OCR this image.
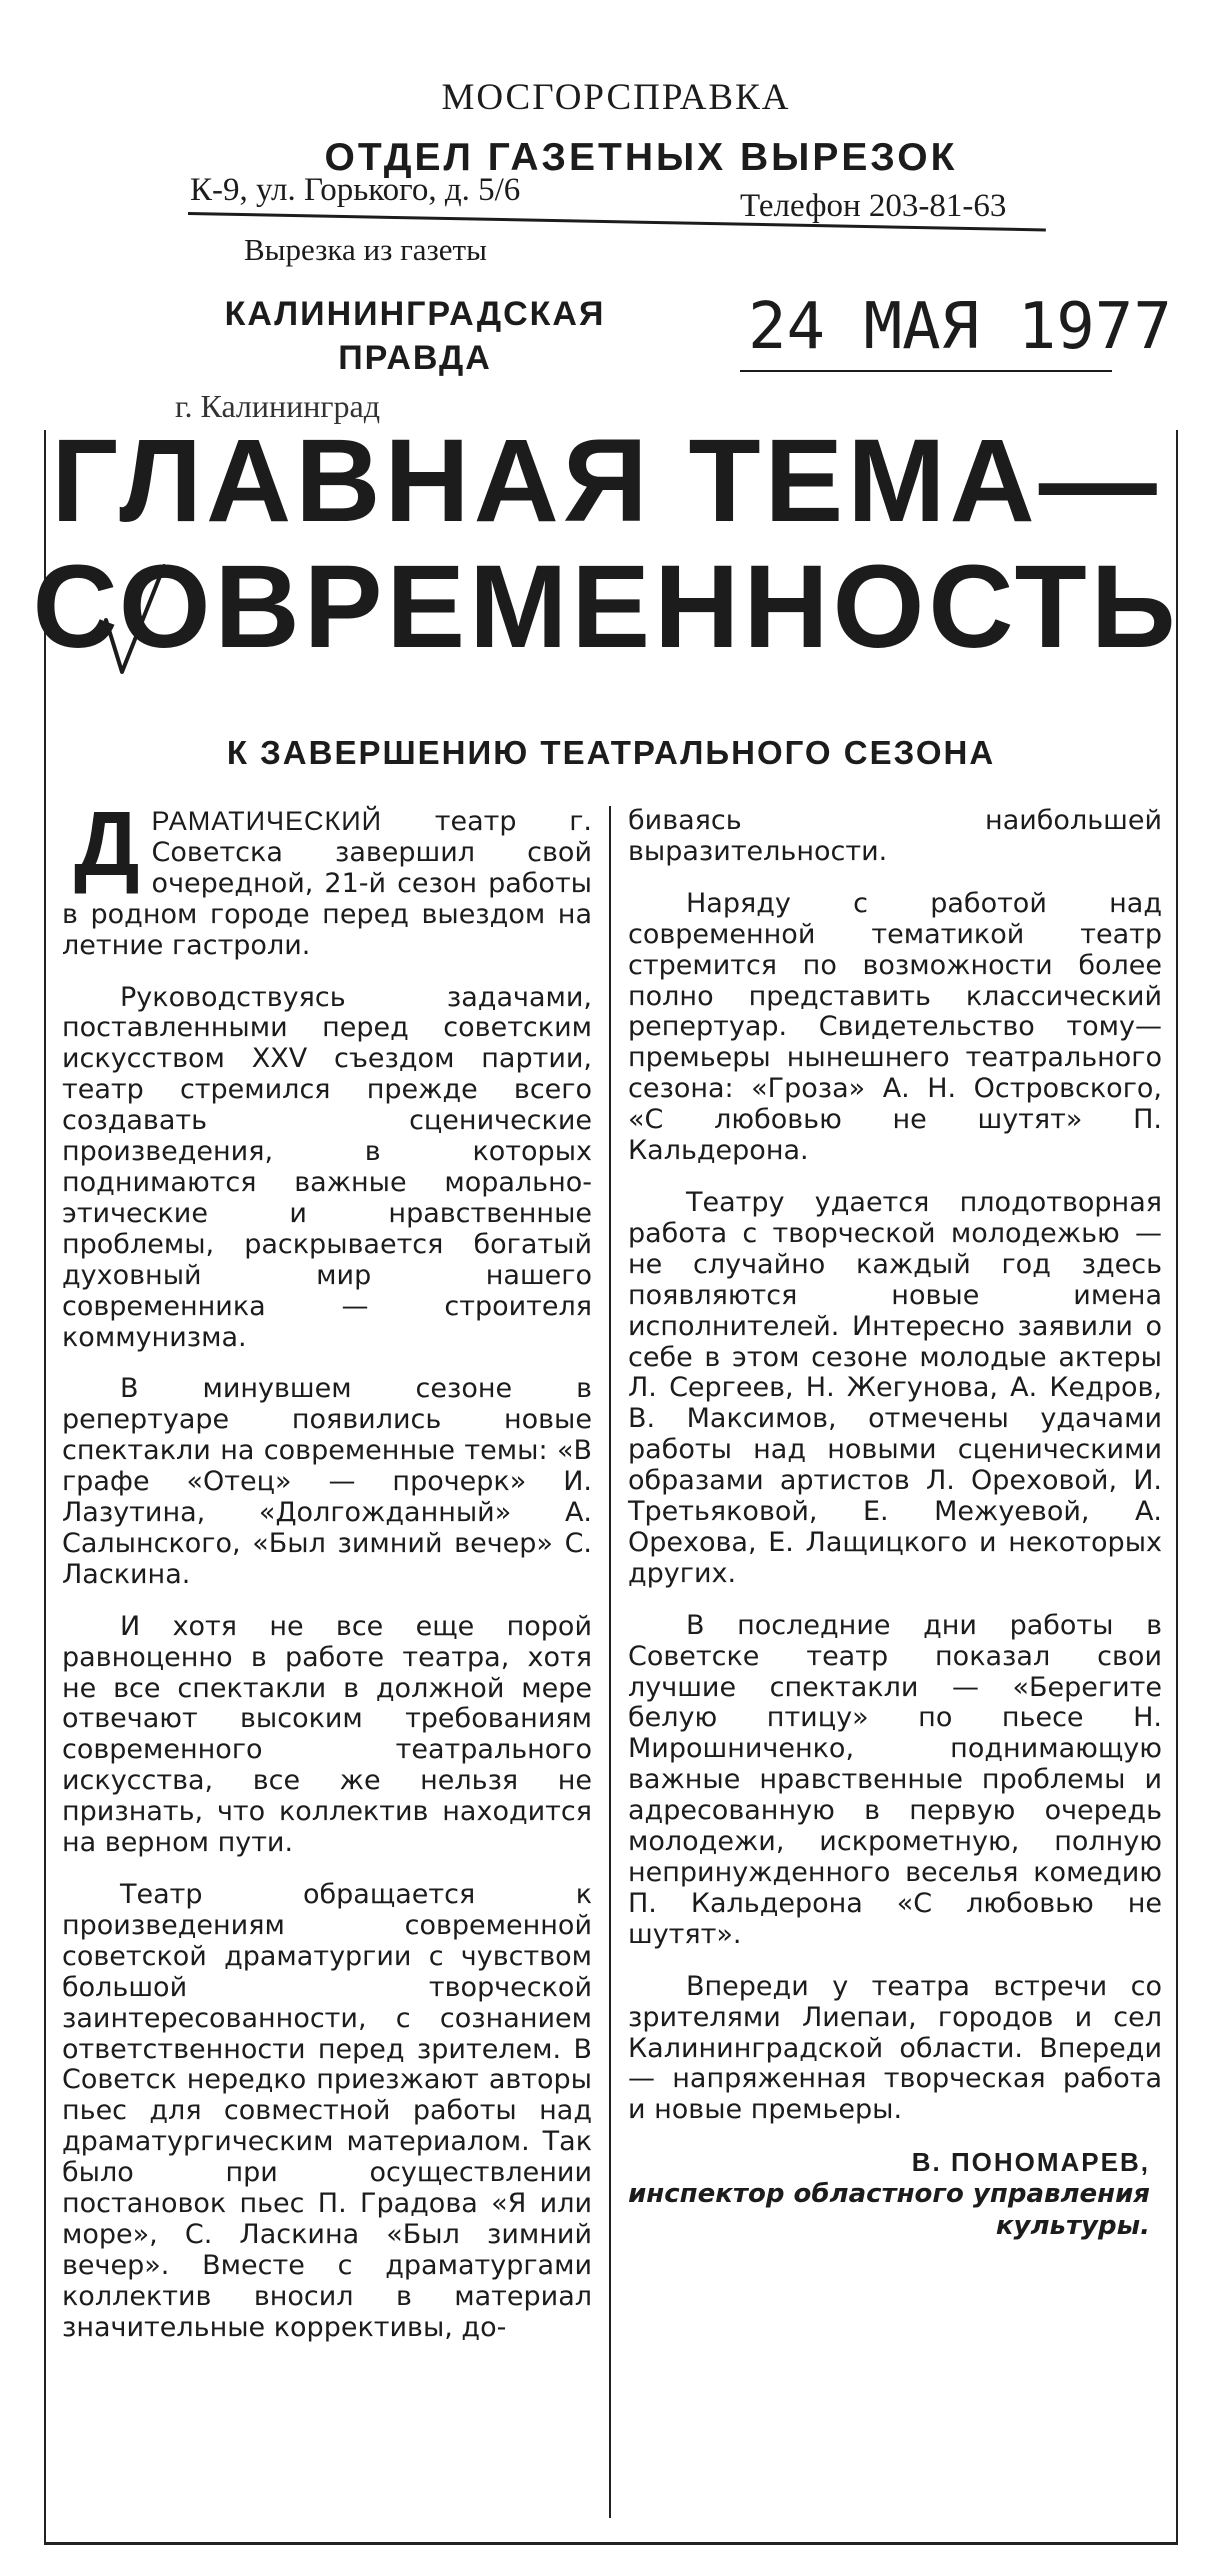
МОСГОРСПРАВКА
ОТДЕЛ ГАЗЕТНЫХ ВЫРЕЗОК
К-9, ул. Горького, д. 5/6	Телефон 203-81-63
Вырезка из газеты
КАЛИНИНГРАДСКАЯ ПРАВДА	24 МАЯ 1977
г. Калининград
ГЛАВНАЯ ТЕМА—
СОВРЕМЕННОСТЬ
К ЗАВЕРШЕНИЮ ТЕАТРАЛЬНОГО СЕЗОНА

ДРАМАТИЧЕСКИЙ театр г. Советска завершил свой очередной, 21-й сезон работы в родном городе перед выездом на летние гастроли.

Руководствуясь задачами, поставленными перед советским искусством XXV съездом партии, театр стремился прежде всего создавать сценические произведения, в которых поднимаются важные морально-этические и нравственные проблемы, раскрывается богатый духовный мир нашего современника — строителя коммунизма.

В минувшем сезоне в репертуаре появились новые спектакли на современные темы: «В графе «Отец» — прочерк» И. Лазутина, «Долгожданный» А. Салынского, «Был зимний вечер» С. Ласкина.

И хотя не все еще порой равноценно в работе театра, хотя не все спектакли в должной мере отвечают высоким требованиям современного театрального искусства, все же нельзя не признать, что коллектив находится на верном пути.

Театр обращается к произведениям современной советской драматургии с чувством большой творческой заинтересованности, с сознанием ответственности перед зрителем. В Советск нередко приезжают авторы пьес для совместной работы над драматургическим материалом. Так было при осуществлении постановок пьес П. Градова «Я или море», С. Ласкина «Был зимний вечер». Вместе с драматургами коллектив вносил в материал значительные коррективы, до-

биваясь наибольшей выразительности.

Наряду с работой над современной тематикой театр стремится по возможности более полно представить классический репертуар. Свидетельство тому—премьеры нынешнего театрального сезона: «Гроза» А. Н. Островского, «С любовью не шутят» П. Кальдерона.

Театру удается плодотворная работа с творческой молодежью — не случайно каждый год здесь появляются новые имена исполнителей. Интересно заявили о себе в этом сезоне молодые актеры Л. Сергеев, Н. Жегунова, А. Кедров, В. Максимов, отмечены удачами работы над новыми сценическими образами артистов Л. Ореховой, И. Третьяковой, Е. Межуевой, А. Орехова, Е. Лащицкого и некоторых других.

В последние дни работы в Советске театр показал свои лучшие спектакли — «Берегите белую птицу» по пьесе Н. Мирошниченко, поднимающую важные нравственные проблемы и адресованную в первую очередь молодежи, искрометную, полную непринужденного веселья комедию П. Кальдерона «С любовью не шутят».

Впереди у театра встречи со зрителями Лиепаи, городов и сел Калининградской области. Впереди — напряженная творческая работа и новые премьеры.

В. ПОНОМАРЕВ,
инспектор областного управления культуры.
